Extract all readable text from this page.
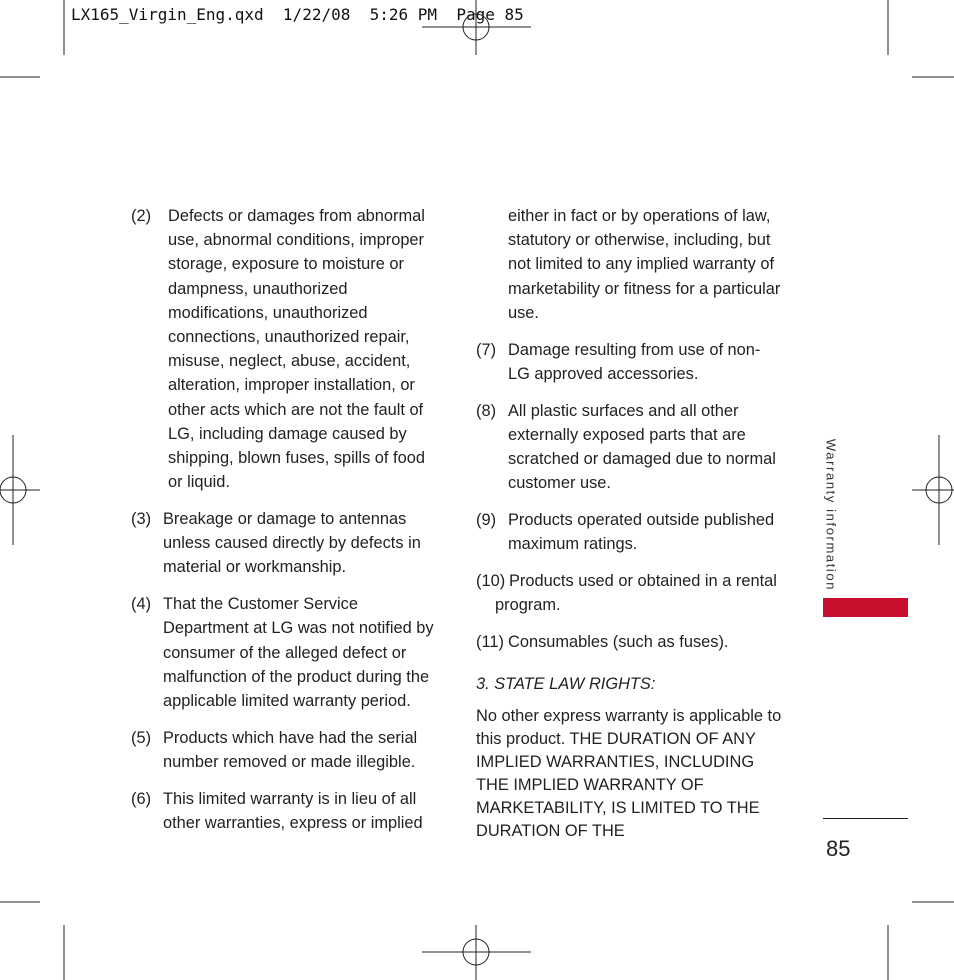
LX165_Virgin_Eng.qxd  1/22/08  5:26 PM  Page 85
(2)	Defects or damages from abnormal use, abnormal conditions, improper storage, exposure to moisture or dampness, unauthorized modifications, unauthorized connections, unauthorized repair, misuse, neglect, abuse, accident, alteration, improper installation, or other acts which are not the fault of LG, including damage caused by shipping, blown fuses, spills of food or liquid.
(3) Breakage or damage to antennas unless caused directly by defects in material or workmanship.
(4) That the Customer Service Department at LG was not notified by consumer of the alleged defect or malfunction of the product during the applicable limited warranty period.
(5) Products which have had the serial number removed or made illegible.
(6) This limited warranty is in lieu of all other warranties, express or implied
either in fact or by operations of law, statutory or otherwise, including, but not limited to any implied warranty of marketability or fitness for a particular use.
(7) Damage resulting from use of non-LG approved accessories.
(8) All plastic surfaces and all other externally exposed parts that are scratched or damaged due to normal customer use.
(9) Products operated outside published maximum ratings.
(10) Products used or obtained in a rental program.
(11) Consumables (such as fuses).
3. STATE LAW RIGHTS:
No other express warranty is applicable to this product. THE DURATION OF ANY IMPLIED WARRANTIES, INCLUDING THE IMPLIED WARRANTY OF MARKETABILITY, IS LIMITED TO THE DURATION OF THE
Warranty information
85
